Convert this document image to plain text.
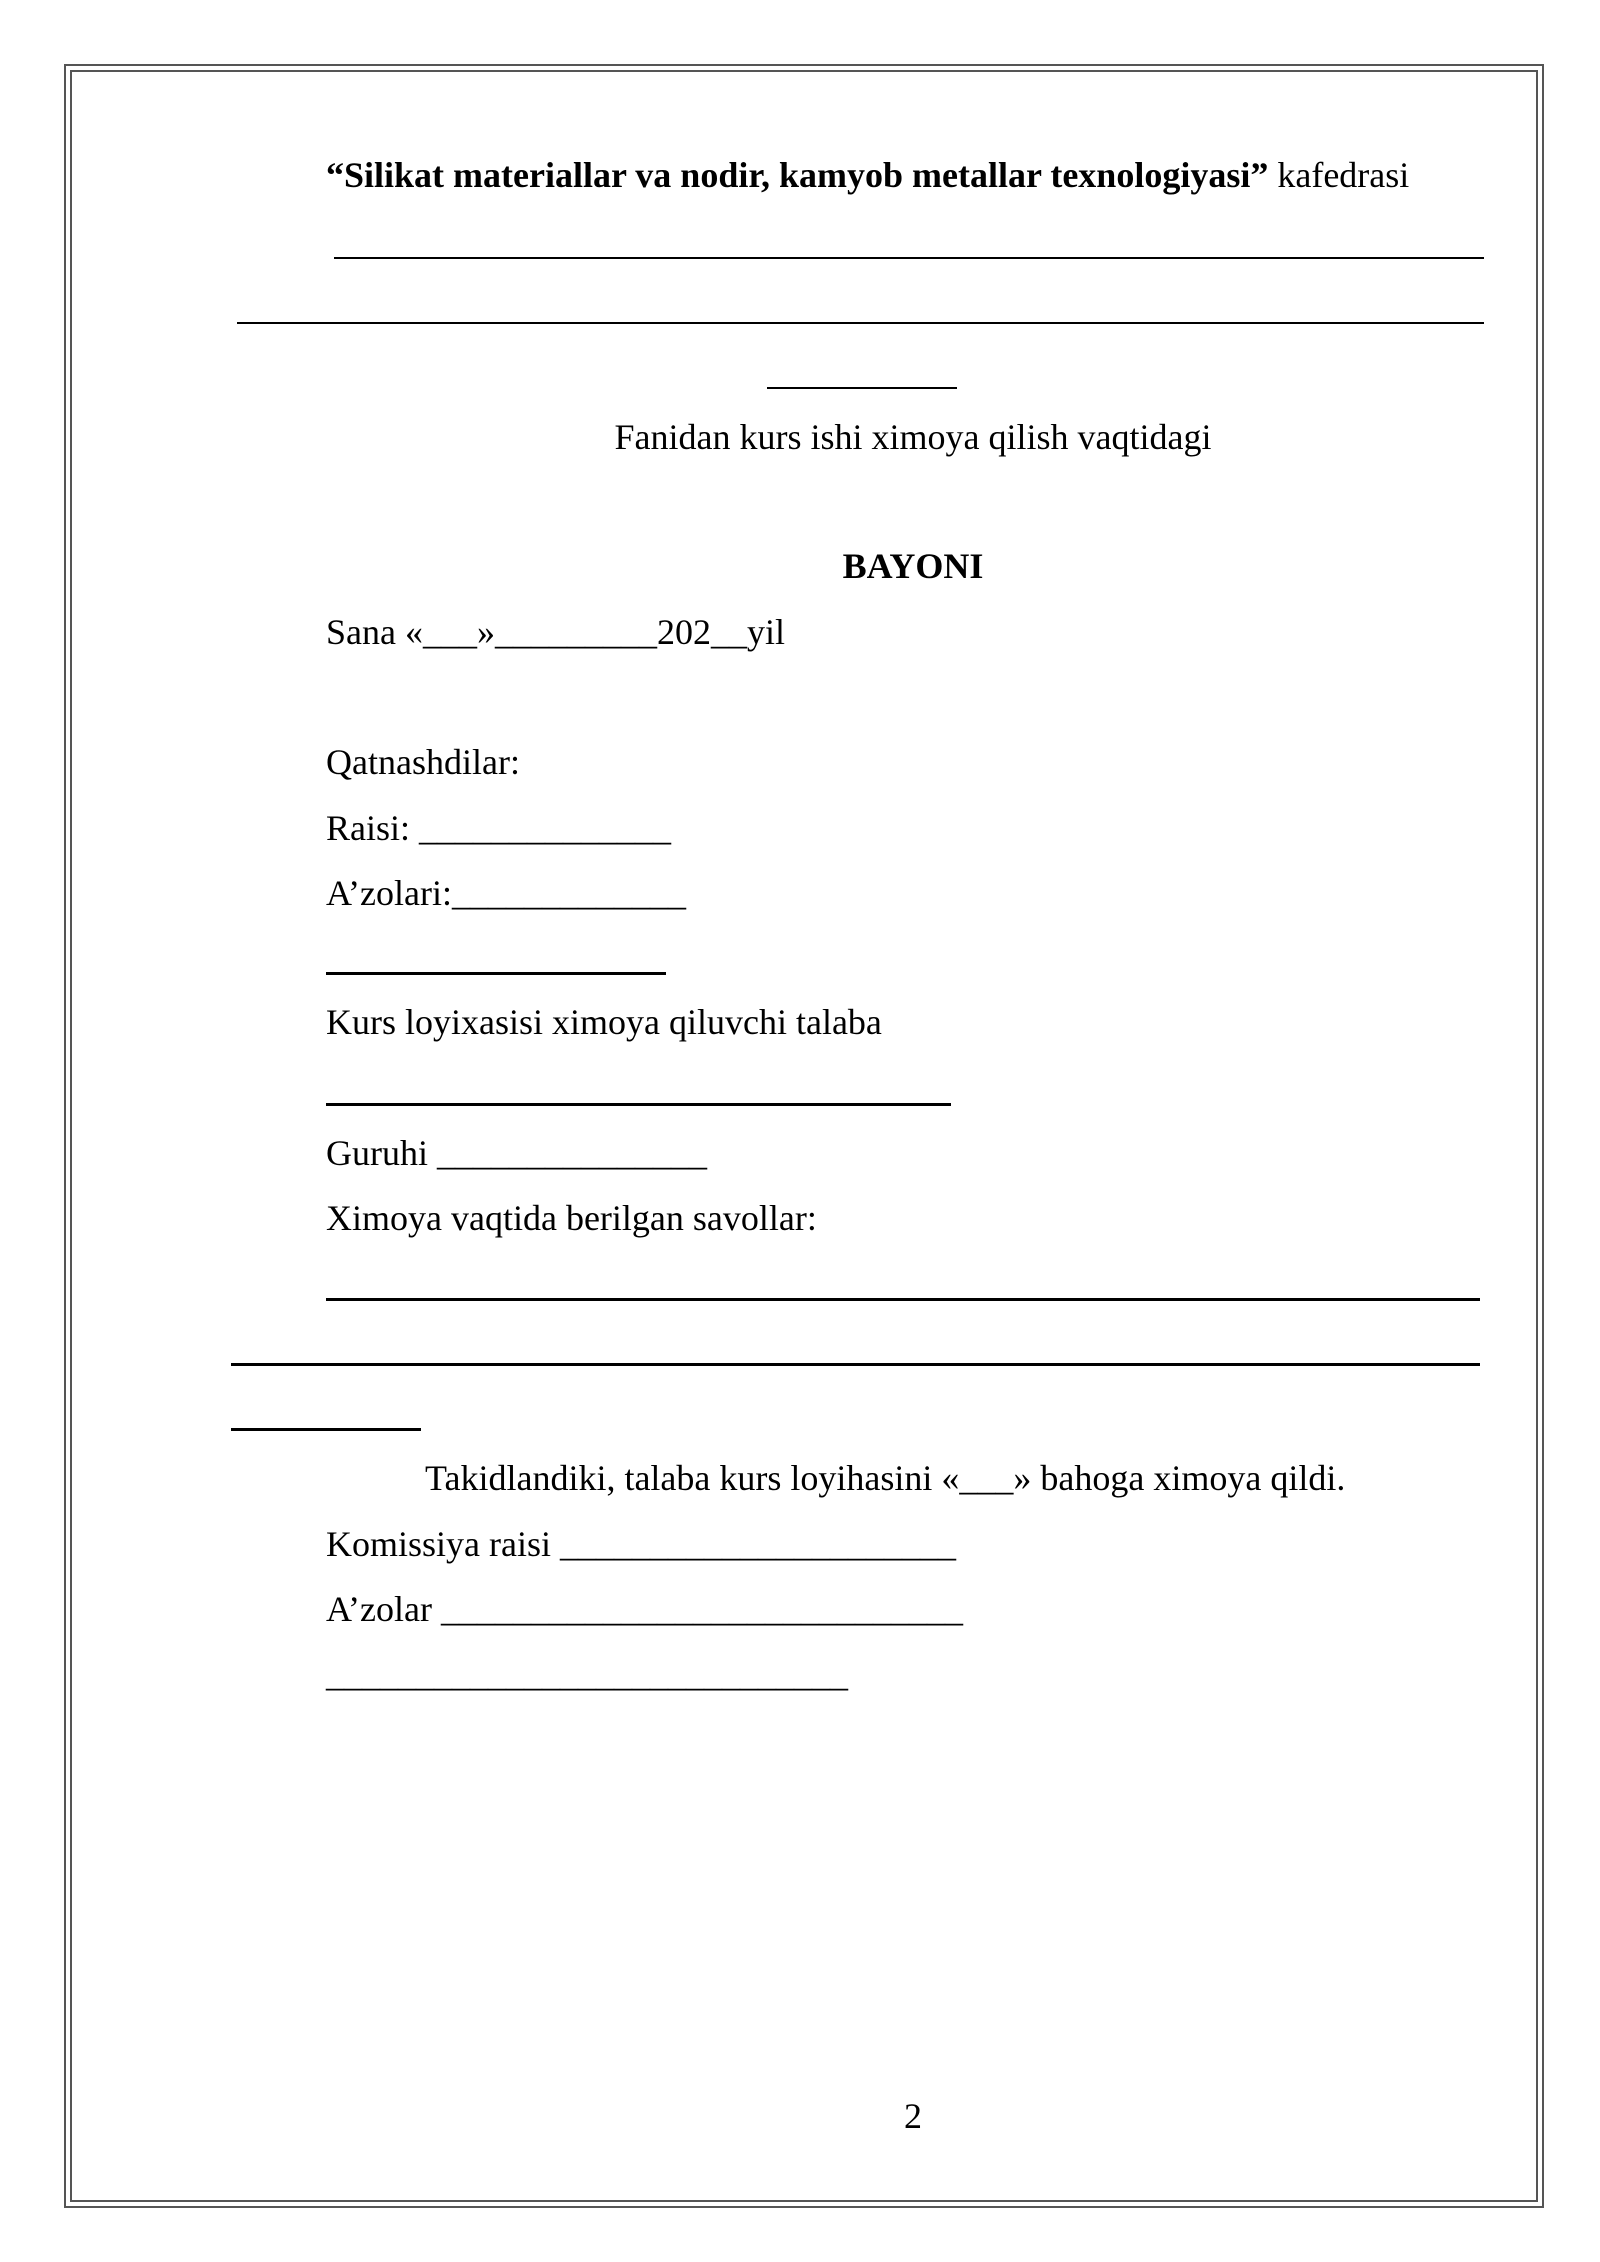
“Silikat materiallar va nodir, kamyob metallar texnologiyasi” kafedrasi
Fanidan kurs ishi ximoya qilish vaqtidagi
BAYONI
Sana «___»_________202__yil
Qatnashdilar:
Raisi: ______________
A’zolari:_____________
Kurs loyixasisi ximoya qiluvchi talaba
Guruhi _______________
Ximoya vaqtida berilgan savollar:
Takidlandiki, talaba kurs loyihasini «___» bahoga ximoya qildi.
Komissiya raisi ______________________
A’zolar _____________________________
_____________________________
2
